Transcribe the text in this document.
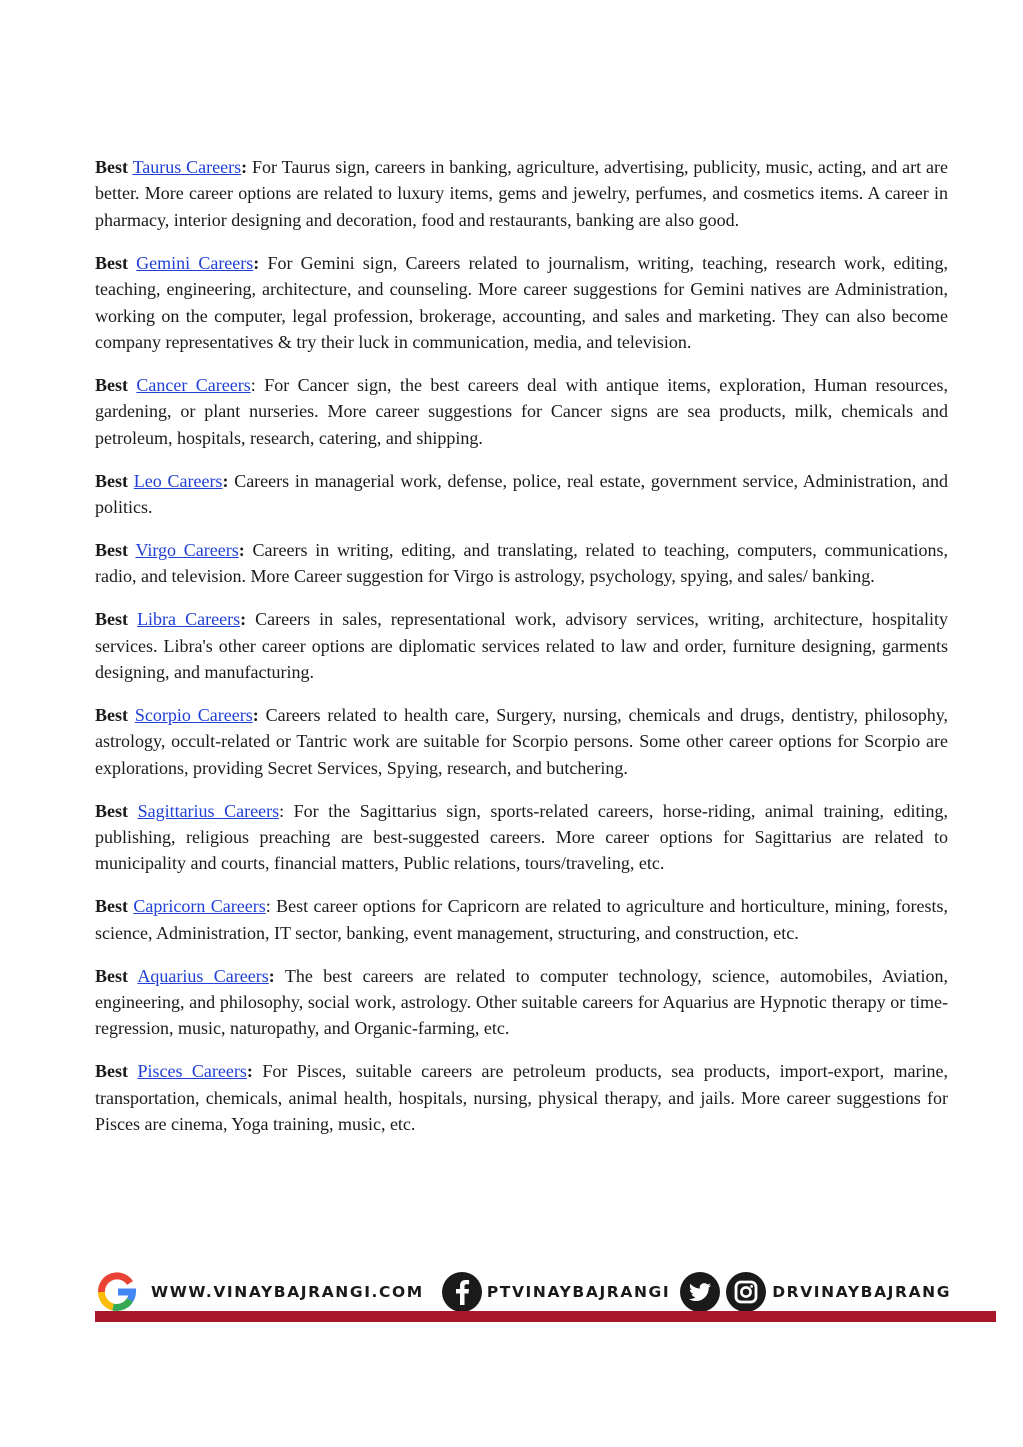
Best Taurus Careers: For Taurus sign, careers in banking, agriculture, advertising, publicity, music, acting, and art are better. More career options are related to luxury items, gems and jewelry, perfumes, and cosmetics items. A career in pharmacy, interior designing and decoration, food and restaurants, banking are also good.

Best Gemini Careers: For Gemini sign, Careers related to journalism, writing, teaching, research work, editing, teaching, engineering, architecture, and counseling. More career suggestions for Gemini natives are Administration, working on the computer, legal profession, brokerage, accounting, and sales and marketing. They can also become company representatives & try their luck in communication, media, and television.

Best Cancer Careers: For Cancer sign, the best careers deal with antique items, exploration, Human resources, gardening, or plant nurseries. More career suggestions for Cancer signs are sea products, milk, chemicals and petroleum, hospitals, research, catering, and shipping.

Best Leo Careers: Careers in managerial work, defense, police, real estate, government service, Administration, and politics.

Best Virgo Careers: Careers in writing, editing, and translating, related to teaching, computers, communications, radio, and television. More Career suggestion for Virgo is astrology, psychology, spying, and sales/ banking.

Best Libra Careers: Careers in sales, representational work, advisory services, writing, architecture, hospitality services. Libra's other career options are diplomatic services related to law and order, furniture designing, garments designing, and manufacturing.

Best Scorpio Careers: Careers related to health care, Surgery, nursing, chemicals and drugs, dentistry, philosophy, astrology, occult-related or Tantric work are suitable for Scorpio persons. Some other career options for Scorpio are explorations, providing Secret Services, Spying, research, and butchering.

Best Sagittarius Careers: For the Sagittarius sign, sports-related careers, horse-riding, animal training, editing, publishing, religious preaching are best-suggested careers. More career options for Sagittarius are related to municipality and courts, financial matters, Public relations, tours/traveling, etc.

Best Capricorn Careers: Best career options for Capricorn are related to agriculture and horticulture, mining, forests, science, Administration, IT sector, banking, event management, structuring, and construction, etc.

Best Aquarius Careers: The best careers are related to computer technology, science, automobiles, Aviation, engineering, and philosophy, social work, astrology. Other suitable careers for Aquarius are Hypnotic therapy or time-regression, music, naturopathy, and Organic-farming, etc.

Best Pisces Careers: For Pisces, suitable careers are petroleum products, sea products, import-export, marine, transportation, chemicals, animal health, hospitals, nursing, physical therapy, and jails. More career suggestions for Pisces are cinema, Yoga training, music, etc.

WWW.VINAYBAJRANGI.COM	PTVINAYBAJRANGI	DRVINAYBAJRANG
